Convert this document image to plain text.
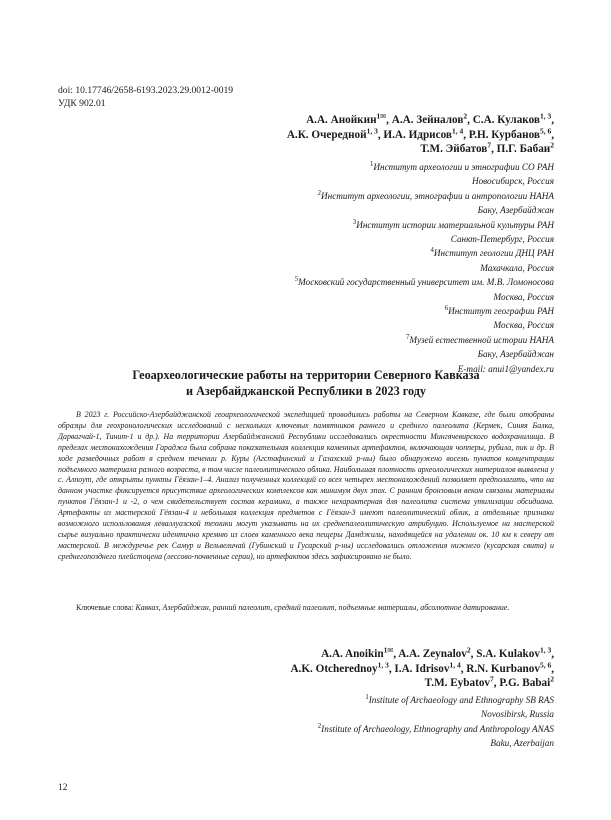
doi: 10.17746/2658-6193.2023.29.0012-0019
УДК 902.01
А.А. Анойкин$^{1✉}$, А.А. Зейналов$^2$, С.А. Кулаков$^{1, 3}$,
А.К. Очередной$^{1, 3}$, И.А. Идрисов$^{1, 4}$, Р.Н. Курбанов$^{5, 6}$,
Т.М. Эйбатов$^7$, П.Г. Бабаи$^2$
$^1$Институт археологии и этнографии СО РАН
Новосибирск, Россия
$^2$Институт археологии, этнографии и антропологии НАНА
Баку, Азербайджан
$^3$Институт истории материальной культуры РАН
Санкт-Петербург, Россия
$^4$Институт геологии ДНЦ РАН
Махачкала, Россия
$^5$Московский государственный университет им. М.В. Ломоносова
Москва, Россия
$^6$Институт географии РАН
Москва, Россия
$^7$Музей естественной истории НАНА
Баку, Азербайджан
E-mail: anui1@yandex.ru
Геоархеологические работы на территории Северного Кавказа
и Азербайджанской Республики в 2023 году
В 2023 г. Российско-Азербайджанской геоархеологической экспедицией проводились работы на Северном Кавказе, где были отобраны образцы для геохронологических исследований с нескольких ключевых памятников раннего и среднего палеолита (Кермек, Синяя Балка, Дарвагчай-1, Тинит-1 и др.). На территории Азербайджанской Республики исследовались окрестности Мингячевирского водохранилища. В пределах местонахождения Гараджа была собрана показательная коллекция каменных артефактов, включающая чопперы, рубила, пик и др. В ходе разведочных работ в среднем течении р. Куры (Агстафинский и Газахский р-ны) было обнаружено восемь пунктов концентрации подъемного материала разного возраста, в том числе палеолитического облика. Наибольшая плотность археологических материалов выявлена у с. Алпоут, где открыты пункты Гёязан-1–4. Анализ полученных коллекций со всех четырех местонахождений позволяет предполагать, что на данном участке фиксируется присутствие археологических комплексов как минимум двух эпох. С ранним бронзовым веком связаны материалы пунктов Гёязан-1 и -2, о чем свидетельствует состав керамики, а также нехарактерная для палеолита система утилизации обсидиана. Артефакты из мастерской Гёязан-4 и небольшая коллекция предметов с Гёязан-3 имеют палеолитический облик, а отдельные признаки возможного использования леваллуазской техники могут указывать на их среднепалеолитическую атрибуцию. Используемое на мастерской сырье визуально практически идентично кремню из слоев каменного века пещеры Дамджилы, находящейся на удалении ок. 10 км к северу от мастерской. В междуречье рек Самур и Вельвеличай (Губинский и Гусарский р-ны) исследовались отложения нижнего (кусарская свита) и среднегопозднего плейстоцена (лессово-почвенные серии), но артефактов здесь зафиксировано не было.
Ключевые слова: Кавказ, Азербайджан, ранний палеолит, средний палеолит, подъемные материалы, абсолютное датирование.
A.A. Anoikin$^{1✉}$, A.A. Zeynalov$^2$, S.A. Kulakov$^{1, 3}$,
A.K. Otcherednoy$^{1, 3}$, I.A. Idrisov$^{1, 4}$, R.N. Kurbanov$^{5, 6}$,
T.M. Eybatov$^7$, P.G. Babai$^2$
$^1$Institute of Archaeology and Ethnography SB RAS
Novosibirsk, Russia
$^2$Institute of Archaeology, Ethnography and Anthropology ANAS
Baku, Azerbaijan
12
